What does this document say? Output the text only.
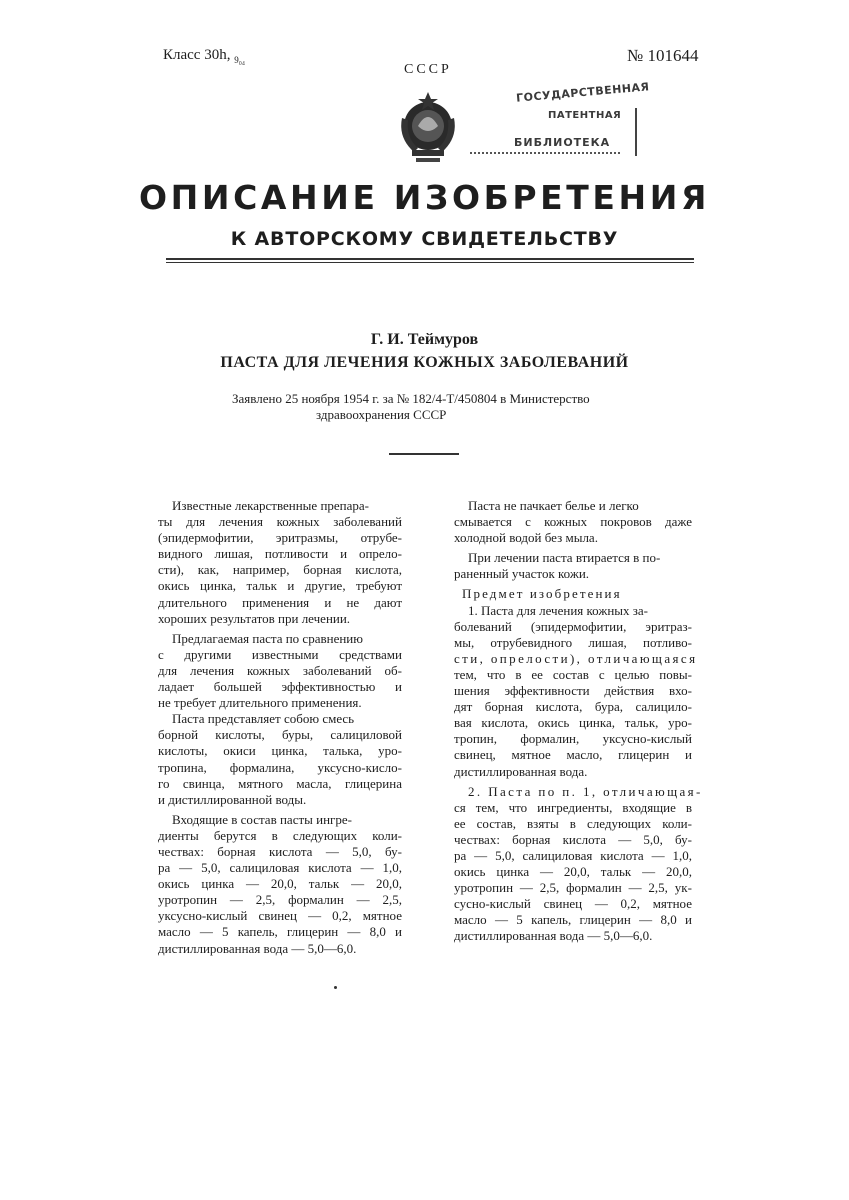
Класс 30h, $_{9_{04}}$	№ 101644
СССР
ГОСУДАРСТВЕННАЯ
ПАТЕНТНАЯ
БИБЛИОТЕКА
ОПИСАНИЕ ИЗОБРЕТЕНИЯ
К АВТОРСКОМУ СВИДЕТЕЛЬСТВУ
Г. И. Теймуров
ПАСТА ДЛЯ ЛЕЧЕНИЯ КОЖНЫХ ЗАБОЛЕВАНИЙ
Заявлено 25 ноября 1954 г. за № 182/4-Т/450804 в Министерство
здравоохранения СССР
Известные лекарственные препара-
ты для лечения кожных заболеваний
(эпидермофитии, эритразмы, отрубе-
видного лишая, потливости и опрело-
сти), как, например, борная кислота,
окись цинка, тальк и другие, требуют
длительного применения и не дают
хороших результатов при лечении.
Предлагаемая паста по сравнению
с другими известными средствами
для лечения кожных заболеваний об-
ладает большей эффективностью и
не требует длительного применения.
Паста представляет собою смесь
борной кислоты, буры, салициловой
кислоты, окиси цинка, талька, уро-
тропина, формалина, уксусно-кисло-
го свинца, мятного масла, глицерина
и дистиллированной воды.
Входящие в состав пасты ингре-
диенты берутся в следующих коли-
чествах: борная кислота — 5,0, бу-
ра — 5,0, салициловая кислота — 1,0,
окись цинка — 20,0, тальк — 20,0,
уротропин — 2,5, формалин — 2,5,
уксусно-кислый свинец — 0,2, мятное
масло — 5 капель, глицерин — 8,0 и
дистиллированная вода — 5,0—6,0.
Паста не пачкает белье и легко
смывается с кожных покровов даже
холодной водой без мыла.
При лечении паста втирается в по-
раненный участок кожи.
Предмет изобретения
1. Паста для лечения кожных за-
болеваний (эпидермофитии, эритраз-
мы, отрубевидного лишая, потливо-
сти, опрелости), отличающаяся
тем, что в ее состав с целью повы-
шения эффективности действия вхо-
дят борная кислота, бура, салицило-
вая кислота, окись цинка, тальк, уро-
тропин, формалин, уксусно-кислый
свинец, мятное масло, глицерин и
дистиллированная вода.
2. Паста по п. 1, отличающая-
ся тем, что ингредиенты, входящие в
ее состав, взяты в следующих коли-
чествах: борная кислота — 5,0, бу-
ра — 5,0, салициловая кислота — 1,0,
окись цинка — 20,0, тальк — 20,0,
уротропин — 2,5, формалин — 2,5, ук-
сусно-кислый свинец — 0,2, мятное
масло — 5 капель, глицерин — 8,0 и
дистиллированная вода — 5,0—6,0.
